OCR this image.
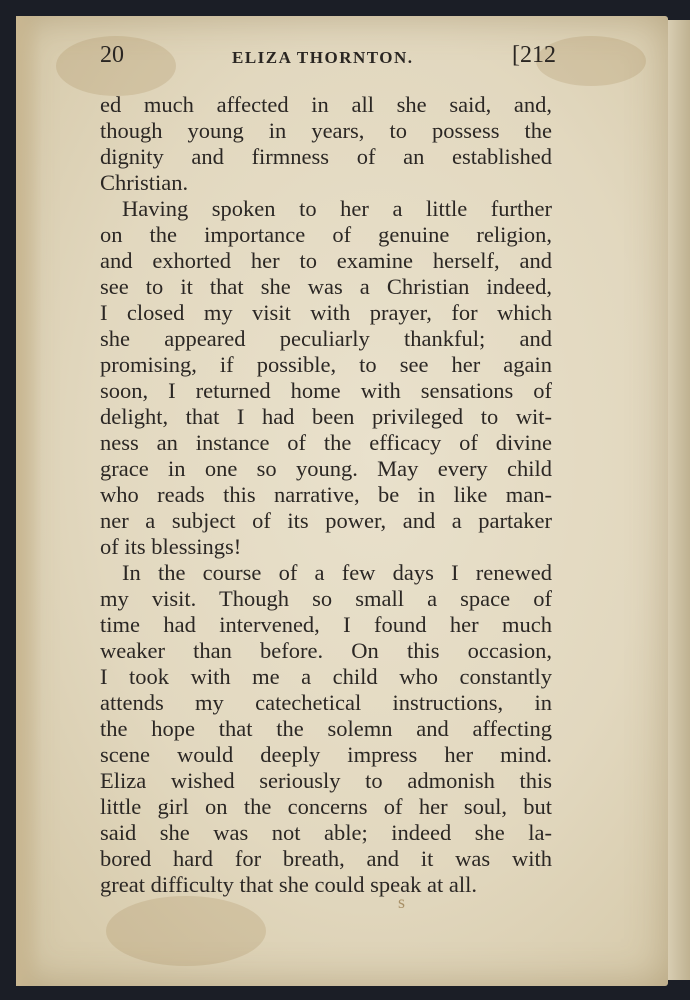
20	ELIZA THORNTON.	[212
ed much affected in all she said, and,
though young in years, to possess the
dignity and firmness of an established
Christian.
Having spoken to her a little further
on the importance of genuine religion,
and exhorted her to examine herself, and
see to it that she was a Christian indeed,
I closed my visit with prayer, for which
she appeared peculiarly thankful; and
promising, if possible, to see her again
soon, I returned home with sensations of
delight, that I had been privileged to wit-
ness an instance of the efficacy of divine
grace in one so young. May every child
who reads this narrative, be in like man-
ner a subject of its power, and a partaker
of its blessings!
In the course of a few days I renewed
my visit. Though so small a space of
time had intervened, I found her much
weaker than before. On this occasion,
I took with me a child who constantly
attends my catechetical instructions, in
the hope that the solemn and affecting
scene would deeply impress her mind.
Eliza wished seriously to admonish this
little girl on the concerns of her soul, but
said she was not able; indeed she la-
bored hard for breath, and it was with
great difficulty that she could speak at all.
s
